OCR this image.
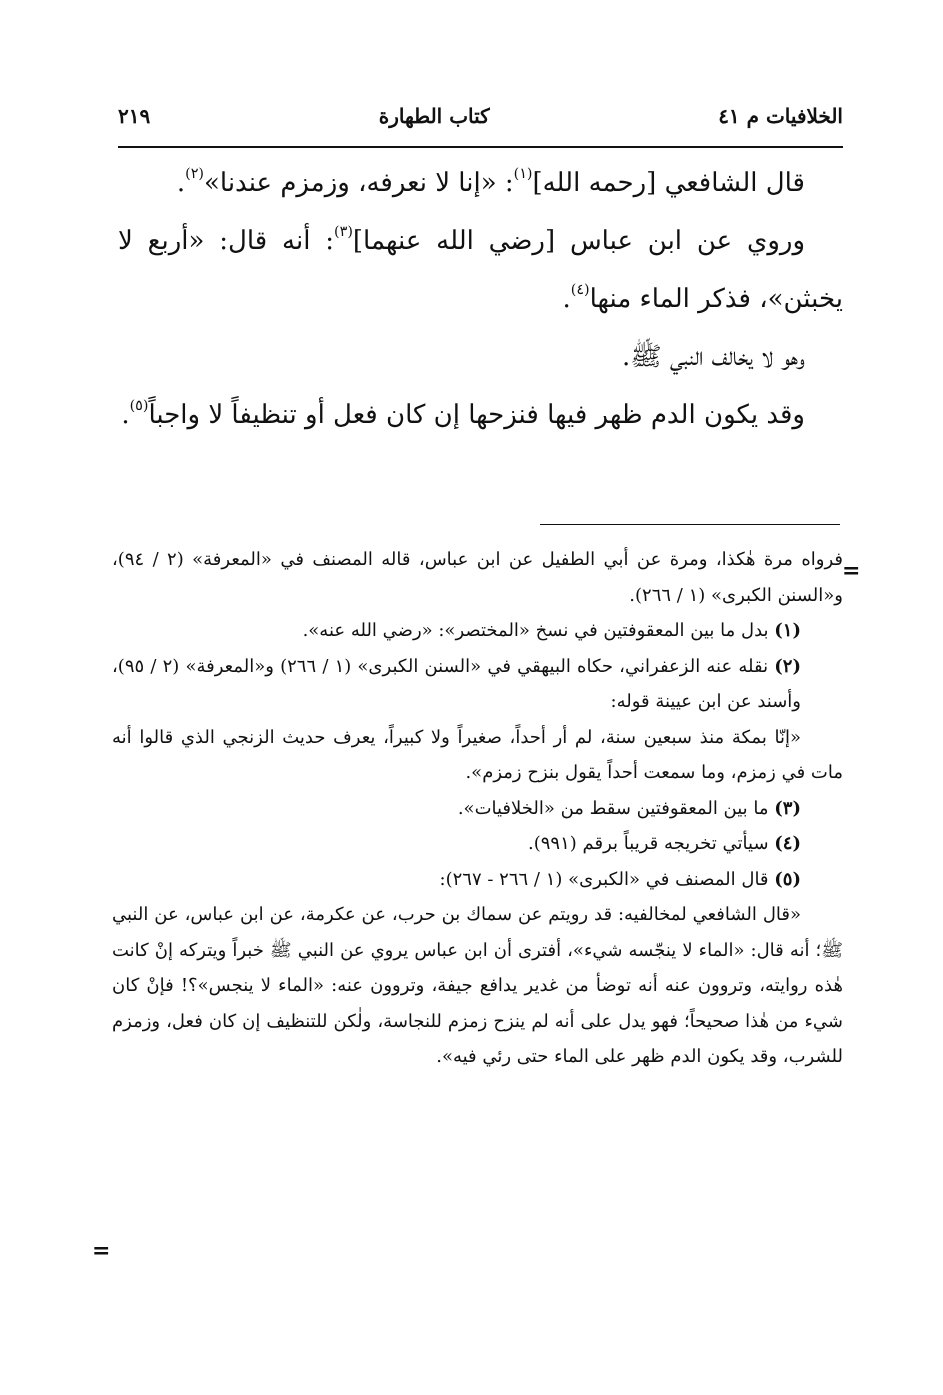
الخلافيات م ٤١
كتاب الطهارة
٢١٩

قال الشافعي [رحمه الله]$^{(١)}$: «إنا لا نعرفه، وزمزم عندنا»$^{(٢)}$.

وروي عن ابن عباس [رضي الله عنهما]$^{(٣)}$: أنه قال: «أربع لا يخبثن»، فذكر الماء منها$^{(٤)}$.

وهو لا يخالف النبي ﷺ.

وقد يكون الدم ظهر فيها فنزحها إن كان فعل أو تنظيفاً لا واجباً$^{(٥)}$.

=

فرواه مرة هٰكذا، ومرة عن أبي الطفيل عن ابن عباس، قاله المصنف في «المعرفة» (٢ / ٩٤)، و«السنن الكبرى» (١ / ٢٦٦).

(١) بدل ما بين المعقوفتين في نسخ «المختصر»: «رضي الله عنه».

(٢) نقله عنه الزعفراني، حكاه البيهقي في «السنن الكبرى» (١ / ٢٦٦) و«المعرفة» (٢ / ٩٥)، وأسند عن ابن عيينة قوله:

«إنّا بمكة منذ سبعين سنة، لم أر أحداً، صغيراً ولا كبيراً، يعرف حديث الزنجي الذي قالوا أنه مات في زمزم، وما سمعت أحداً يقول بنزح زمزم».

(٣) ما بين المعقوفتين سقط من «الخلافيات».

(٤) سيأتي تخريجه قريباً برقم (٩٩١).

(٥) قال المصنف في «الكبرى» (١ / ٢٦٦ - ٢٦٧):

«قال الشافعي لمخالفيه: قد رويتم عن سماك بن حرب، عن عكرمة، عن ابن عباس، عن النبي ﷺ؛ أنه قال: «الماء لا ينجّسه شيء»، أفترى أن ابن عباس يروي عن النبي ﷺ خبراً ويتركه إنْ كانت هٰذه روايته، وتروون عنه أنه توضأ من غدير يدافع جيفة، وتروون عنه: «الماء لا ينجس»؟! فإنْ كان شيء من هٰذا صحيحاً؛ فهو يدل على أنه لم ينزح زمزم للنجاسة، ولٰكن للتنظيف إن كان فعل، وزمزم للشرب، وقد يكون الدم ظهر على الماء حتى رئي فيه».

=
